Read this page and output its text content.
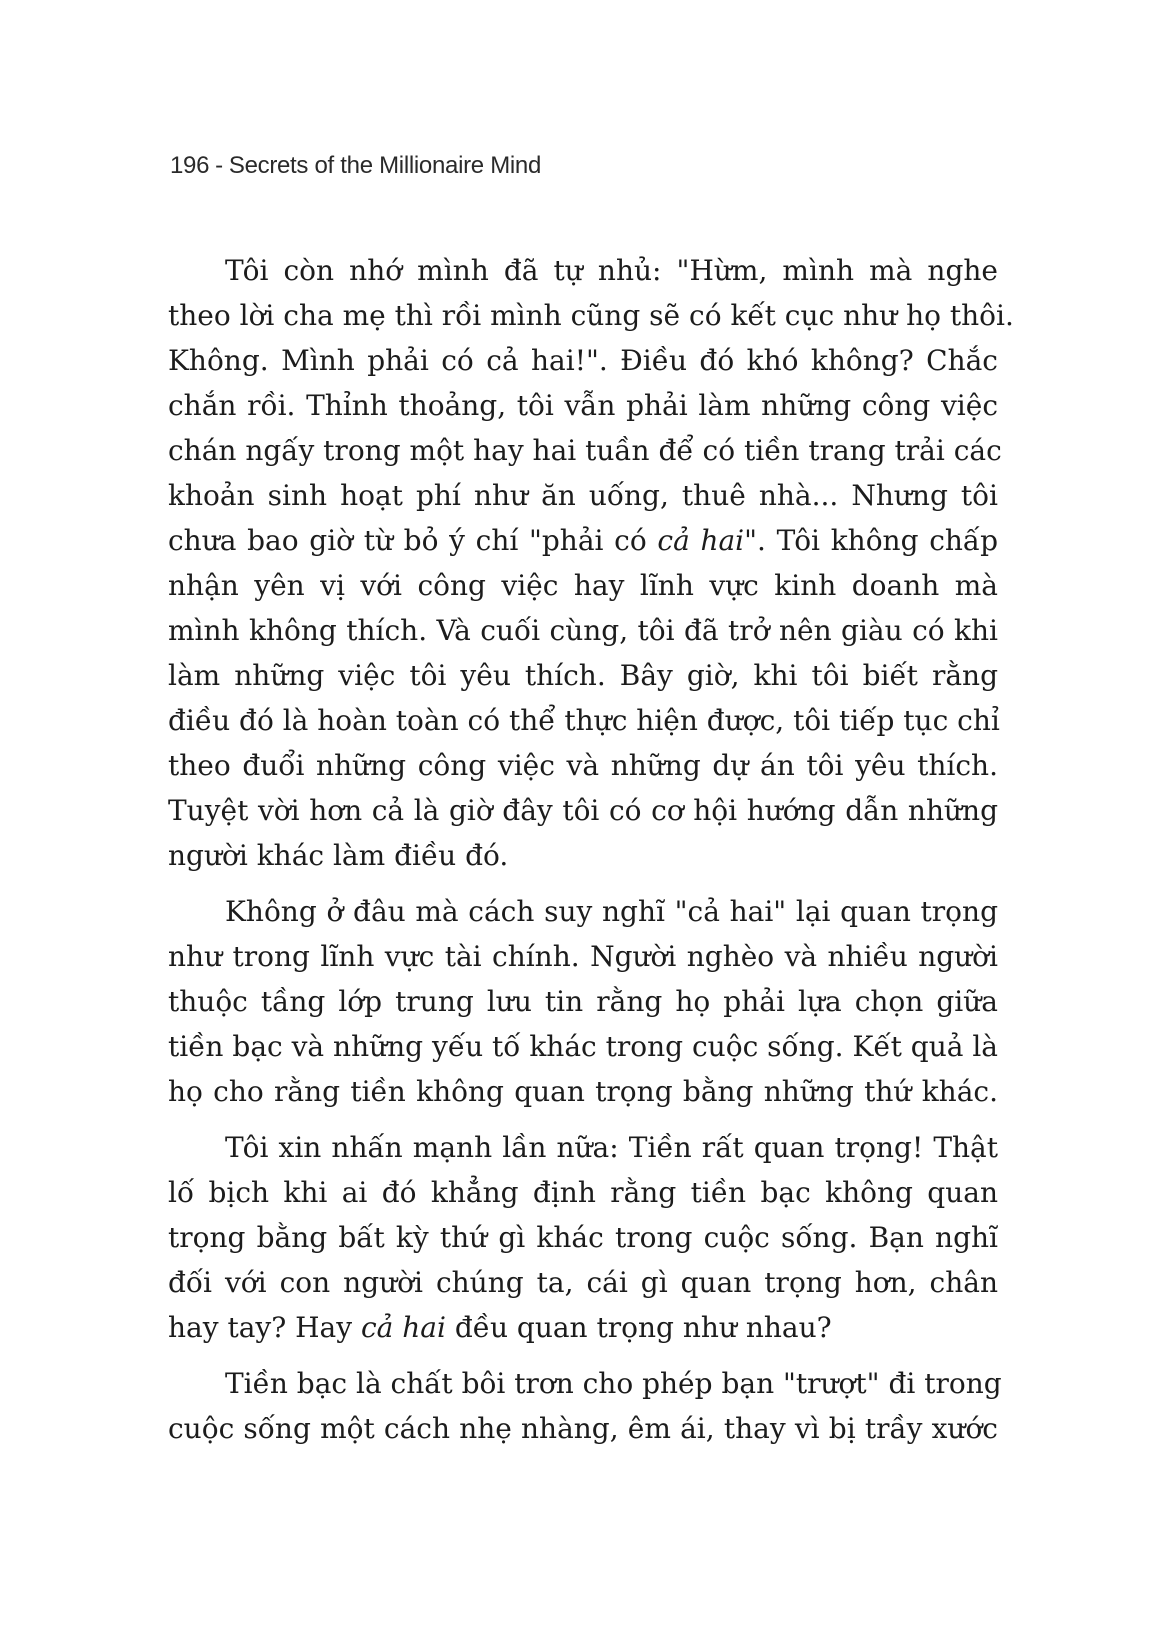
196 - Secrets of the Millionaire Mind
Tôi còn nhớ mình đã tự nhủ: "Hừm, mình mà nghe
theo lời cha mẹ thì rồi mình cũng sẽ có kết cục như họ thôi.
Không. Mình phải có cả hai!". Điều đó khó không? Chắc
chắn rồi. Thỉnh thoảng, tôi vẫn phải làm những công việc
chán ngấy trong một hay hai tuần để có tiền trang trải các
khoản sinh hoạt phí như ăn uống, thuê nhà... Nhưng tôi
chưa bao giờ từ bỏ ý chí "phải có cả hai". Tôi không chấp
nhận yên vị với công việc hay lĩnh vực kinh doanh mà
mình không thích. Và cuối cùng, tôi đã trở nên giàu có khi
làm những việc tôi yêu thích. Bây giờ, khi tôi biết rằng
điều đó là hoàn toàn có thể thực hiện được, tôi tiếp tục chỉ
theo đuổi những công việc và những dự án tôi yêu thích.
Tuyệt vời hơn cả là giờ đây tôi có cơ hội hướng dẫn những
người khác làm điều đó.
Không ở đâu mà cách suy nghĩ "cả hai" lại quan trọng
như trong lĩnh vực tài chính. Người nghèo và nhiều người
thuộc tầng lớp trung lưu tin rằng họ phải lựa chọn giữa
tiền bạc và những yếu tố khác trong cuộc sống. Kết quả là
họ cho rằng tiền không quan trọng bằng những thứ khác.
Tôi xin nhấn mạnh lần nữa: Tiền rất quan trọng! Thật
lố bịch khi ai đó khẳng định rằng tiền bạc không quan
trọng bằng bất kỳ thứ gì khác trong cuộc sống. Bạn nghĩ
đối với con người chúng ta, cái gì quan trọng hơn, chân
hay tay? Hay cả hai đều quan trọng như nhau?
Tiền bạc là chất bôi trơn cho phép bạn "trượt" đi trong
cuộc sống một cách nhẹ nhàng, êm ái, thay vì bị trầy xước
